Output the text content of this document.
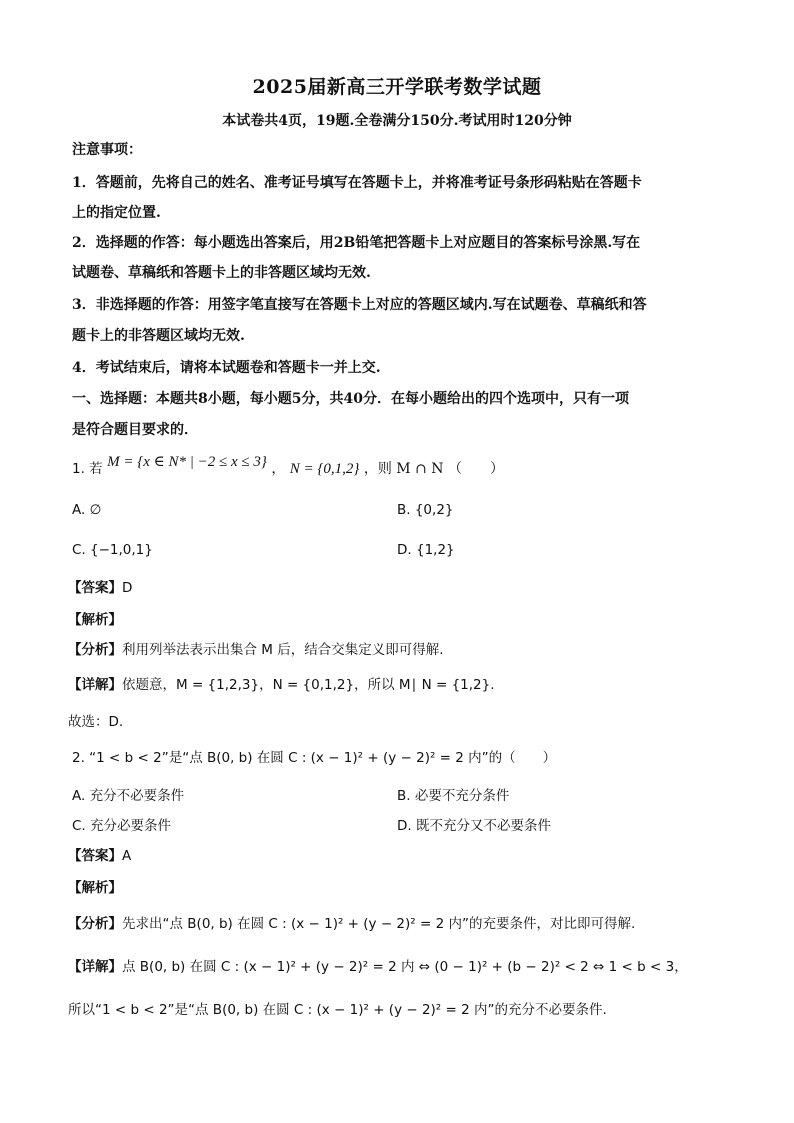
2025届新高三开学联考数学试题
本试卷共4页，19题.全卷满分150分.考试用时120分钟
注意事项：
1．答题前，先将自己的姓名、准考证号填写在答题卡上，并将准考证号条形码粘贴在答题卡
上的指定位置.
2．选择题的作答：每小题选出答案后，用2B铅笔把答题卡上对应题目的答案标号涂黑.写在
试题卷、草稿纸和答题卡上的非答题区域均无效.
3．非选择题的作答：用签字笔直接写在答题卡上对应的答题区域内.写在试题卷、草稿纸和答
题卡上的非答题区域均无效.
4．考试结束后，请将本试题卷和答题卡一并上交.
一、选择题：本题共8小题，每小题5分，共40分．在每小题给出的四个选项中，只有一项
是符合题目要求的．
1. 若 M = {x ∈ N* | −2 ≤ x ≤ 3} ， N = {0,1,2} ，则 M ∩ N （　　）
A. ∅	B. {0,2}
C. {−1,0,1}	D. {1,2}
【答案】D
【解析】
【分析】利用列举法表示出集合 M 后，结合交集定义即可得解.
【详解】依题意，M = {1,2,3}，N = {0,1,2}，所以 M∣ N = {1,2}.
故选：D.
2. “1 < b < 2”是“点 B(0, b) 在圆 C : (x − 1)² + (y − 2)² = 2 内”的（　　）
A. 充分不必要条件	B. 必要不充分条件
C. 充分必要条件	D. 既不充分又不必要条件
【答案】A
【解析】
【分析】先求出“点 B(0, b) 在圆 C : (x − 1)² + (y − 2)² = 2 内”的充要条件，对比即可得解.
【详解】点 B(0, b) 在圆 C : (x − 1)² + (y − 2)² = 2 内 ⇔ (0 − 1)² + (b − 2)² < 2 ⇔ 1 < b < 3，
所以“1 < b < 2”是“点 B(0, b) 在圆 C : (x − 1)² + (y − 2)² = 2 内”的充分不必要条件.
